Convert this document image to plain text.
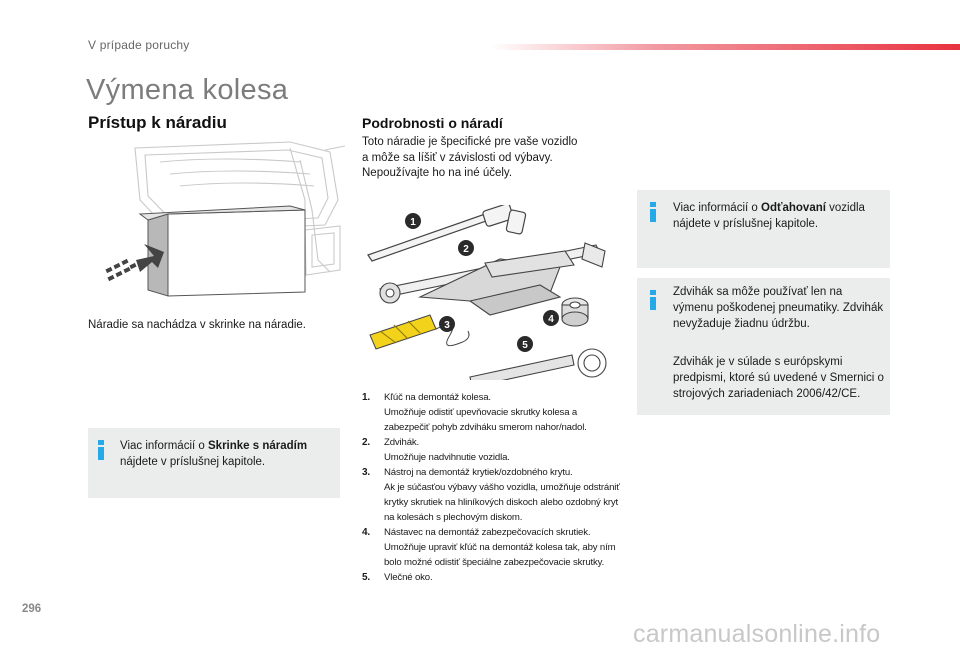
V prípade poruchy
Výmena kolesa
Prístup k náradiu

Náradie sa nachádza v skrinke na náradie.

Viac informácií o Skrinke s náradím nájdete v príslušnej kapitole.

Podrobnosti o náradí

Toto náradie je špecifické pre vaše vozidlo
a môže sa líšiť v závislosti od výbavy.
Nepoužívajte ho na iné účely.

1
2
3
4
5
1. Kľúč na demontáž kolesa.
Umožňuje odistiť upevňovacie skrutky kolesa a zabezpečiť pohyb zdviháku smerom nahor/nadol.
2. Zdvihák.
Umožňuje nadvihnutie vozidla.
3. Nástroj na demontáž krytiek/ozdobného krytu.
Ak je súčasťou výbavy vášho vozidla, umožňuje odstrániť krytky skrutiek na hliníkových diskoch alebo ozdobný kryt na kolesách s plechovým diskom.
4. Nástavec na demontáž zabezpečovacích skrutiek.
Umožňuje upraviť kľúč na demontáž kolesa tak, aby ním bolo možné odistiť špeciálne zabezpečovacie skrutky.
5. Vlečné oko.

Viac informácií o Odťahovaní vozidla nájdete v príslušnej kapitole.

Zdvihák sa môže používať len na výmenu poškodenej pneumatiky. Zdvihák nevyžaduje žiadnu údržbu.

Zdvihák je v súlade s európskymi predpismi, ktoré sú uvedené v Smernici o strojových zariadeniach 2006/42/CE.

296
carmanualsonline.info
